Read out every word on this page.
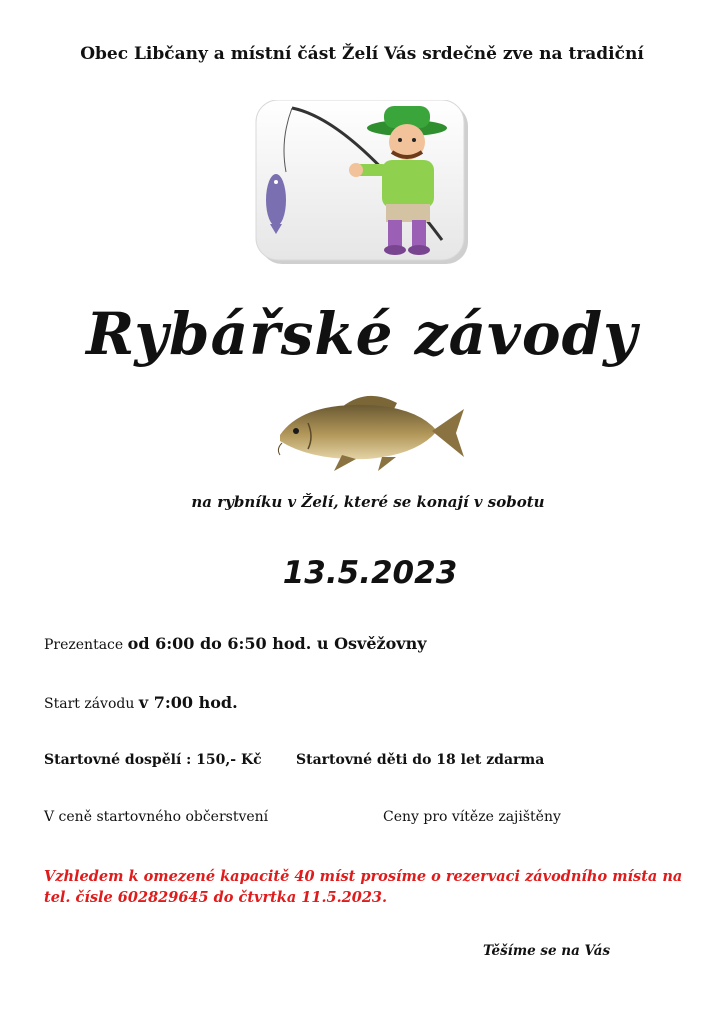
Obec Libčany a místní část Želí Vás srdečně zve na tradiční
Rybářské závody
na rybníku v Želí, které se konají v sobotu
13.5.2023
Prezentace od 6:00 do 6:50 hod. u Osvěžovny
Start závodu v 7:00 hod.
Startovné dospělí : 150,- Kč Startovné děti do 18 let zdarma
V ceně startovného občerstvení	Ceny pro vítěze zajištěny
Vzhledem k omezené kapacitě 40 míst prosíme o rezervaci závodního místa na tel. čísle 602829645 do čtvrtka 11.5.2023.
Těšíme se na Vás
